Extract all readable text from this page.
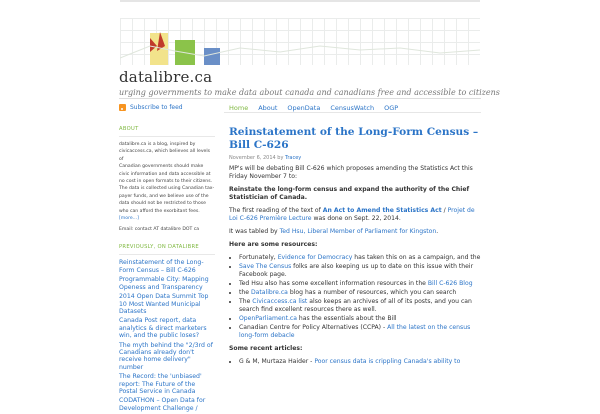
datalibre.ca
urging governments to make data about canada and canadians free and accessible to citizens
Subscribe to feed	Home	About	OpenData	CensusWatch	OGP
ABOUT
datalibre.ca is a blog, inspired by
civicaccess.ca, which believes all levels of
Canadian governments should make
civic information and data accessible at
no cost in open formats to their citizens.
The data is collected using Canadian tax-
payer funds, and we believe use of the
data should not be restricted to those
who can afford the exorbitant fees.
[more...]
Email: contact AT datalibre DOT ca
PREVIOUSLY, ON DATALIBRE
Reinstatement of the Long-Form Census – Bill C-626
Programmable City: Mapping Openess and Transparency
2014 Open Data Summit Top 10 Most Wanted Municipal Datasets
Canada Post report, data analytics & direct marketers win, and the public loses?
The myth behind the "2/3rd of Canadians already don't receive home delivery" number
The Record: the 'unbiased' report: The Future of the Postal Service in Canada
CODATHON – Open Data for Development Challenge /
Reinstatement of the Long-Form Census – Bill C-626
November 6, 2014 by Tracey

MP's will be debating Bill C-626 which proposes amending the Statistics Act this Friday November 7 to:

Reinstate the long-form census and expand the authority of the Chief Statistician of Canada.

The first reading of the text of An Act to Amend the Statistics Act / Projet de Loi C-626 Première Lecture was done on Sept. 22, 2014.

It was tabled by Ted Hsu, Liberal Member of Parliament for Kingston.

Here are some resources:

• Fortunately, Evidence for Democracy has taken this on as a campaign, and the
• Save The Census folks are also keeping us up to date on this issue with their Facebook page.
• Ted Hsu also has some excellent information resources in the Bill C-626 Blog
• the Datalibre.ca blog has a number of resources, which you can search
• The Civicaccess.ca list also keeps an archives of all of its posts, and you can search find excellent resources there as well.
• OpenParliament.ca has the essentials about the Bill
• Canadian Centre for Policy Alternatives (CCPA) - All the latest on the census long-form debacle

Some recent articles:

• G & M, Murtaza Haider - Poor census data is crippling Canada's ability to
